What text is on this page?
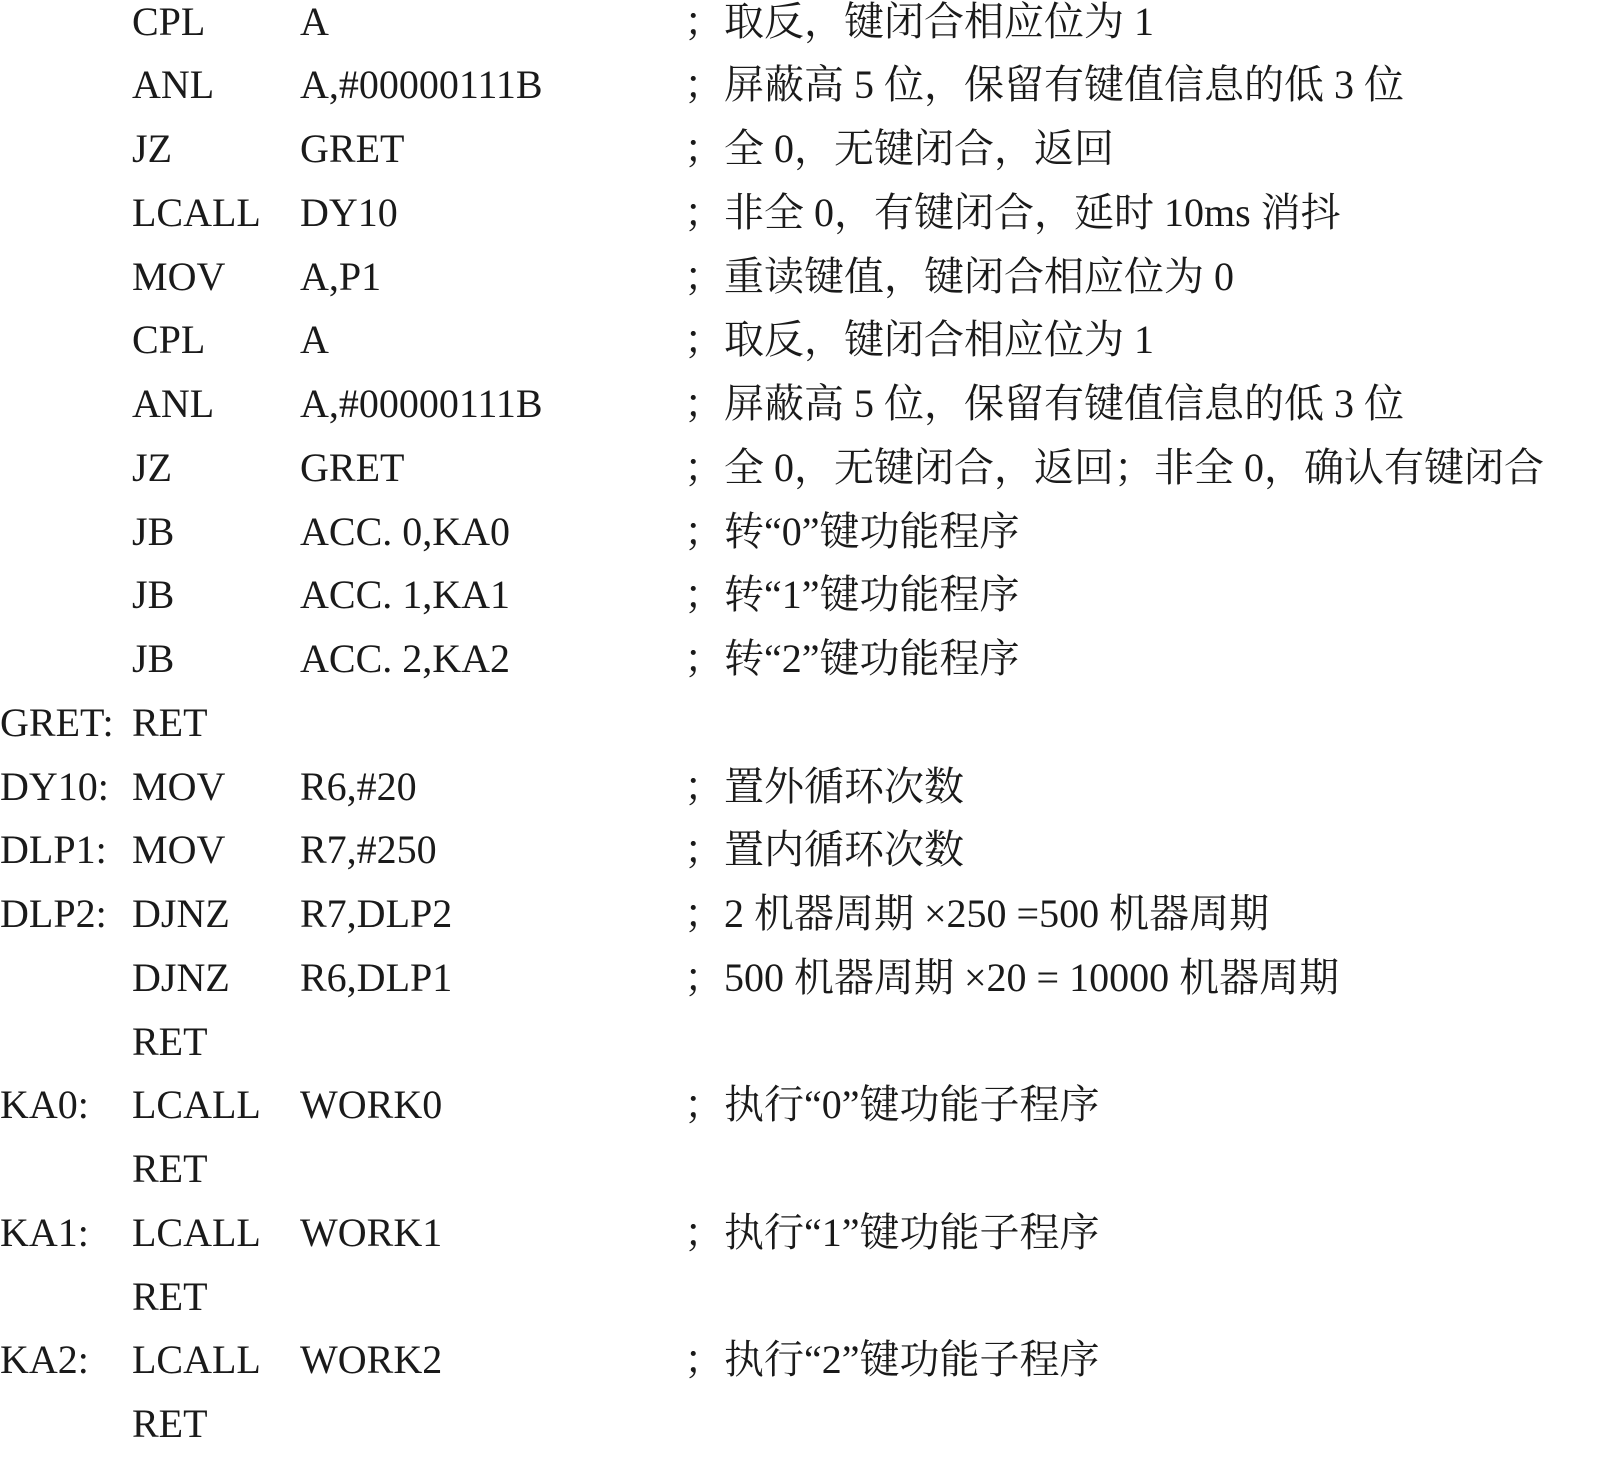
CPL A	；取反，键闭合相应位为 1
ANL A,#00000111B	；屏蔽高 5 位，保留有键值信息的低 3 位
JZ	GRET	；全 0，无键闭合，返回
LCALL DY10	；非全 0，有键闭合，延时 10ms 消抖
MOV A,P1	；重读键值，键闭合相应位为 0
CPL A	；取反，键闭合相应位为 1
ANL A,#00000111B	；屏蔽高 5 位，保留有键值信息的低 3 位
JZ	GRET	；全 0，无键闭合，返回；非全 0，确认有键闭合
JB	ACC. 0,KA0	；转“0”键功能程序
JB	ACC. 1,KA1	；转“1”键功能程序
JB	ACC. 2,KA2	；转“2”键功能程序
GRET: RET
DY10: MOV R6,#20	；置外循环次数
DLP1: MOV R7,#250	；置内循环次数
DLP2: DJNZ R7,DLP2	；2 机器周期 ×250 =500 机器周期
DJNZ R6,DLP1	；500 机器周期 ×20 = 10000 机器周期
RET
KA0: LCALL WORK0	；执行“0”键功能子程序
RET
KA1: LCALL WORK1	；执行“1”键功能子程序
RET
KA2: LCALL WORK2	；执行“2”键功能子程序
RET
